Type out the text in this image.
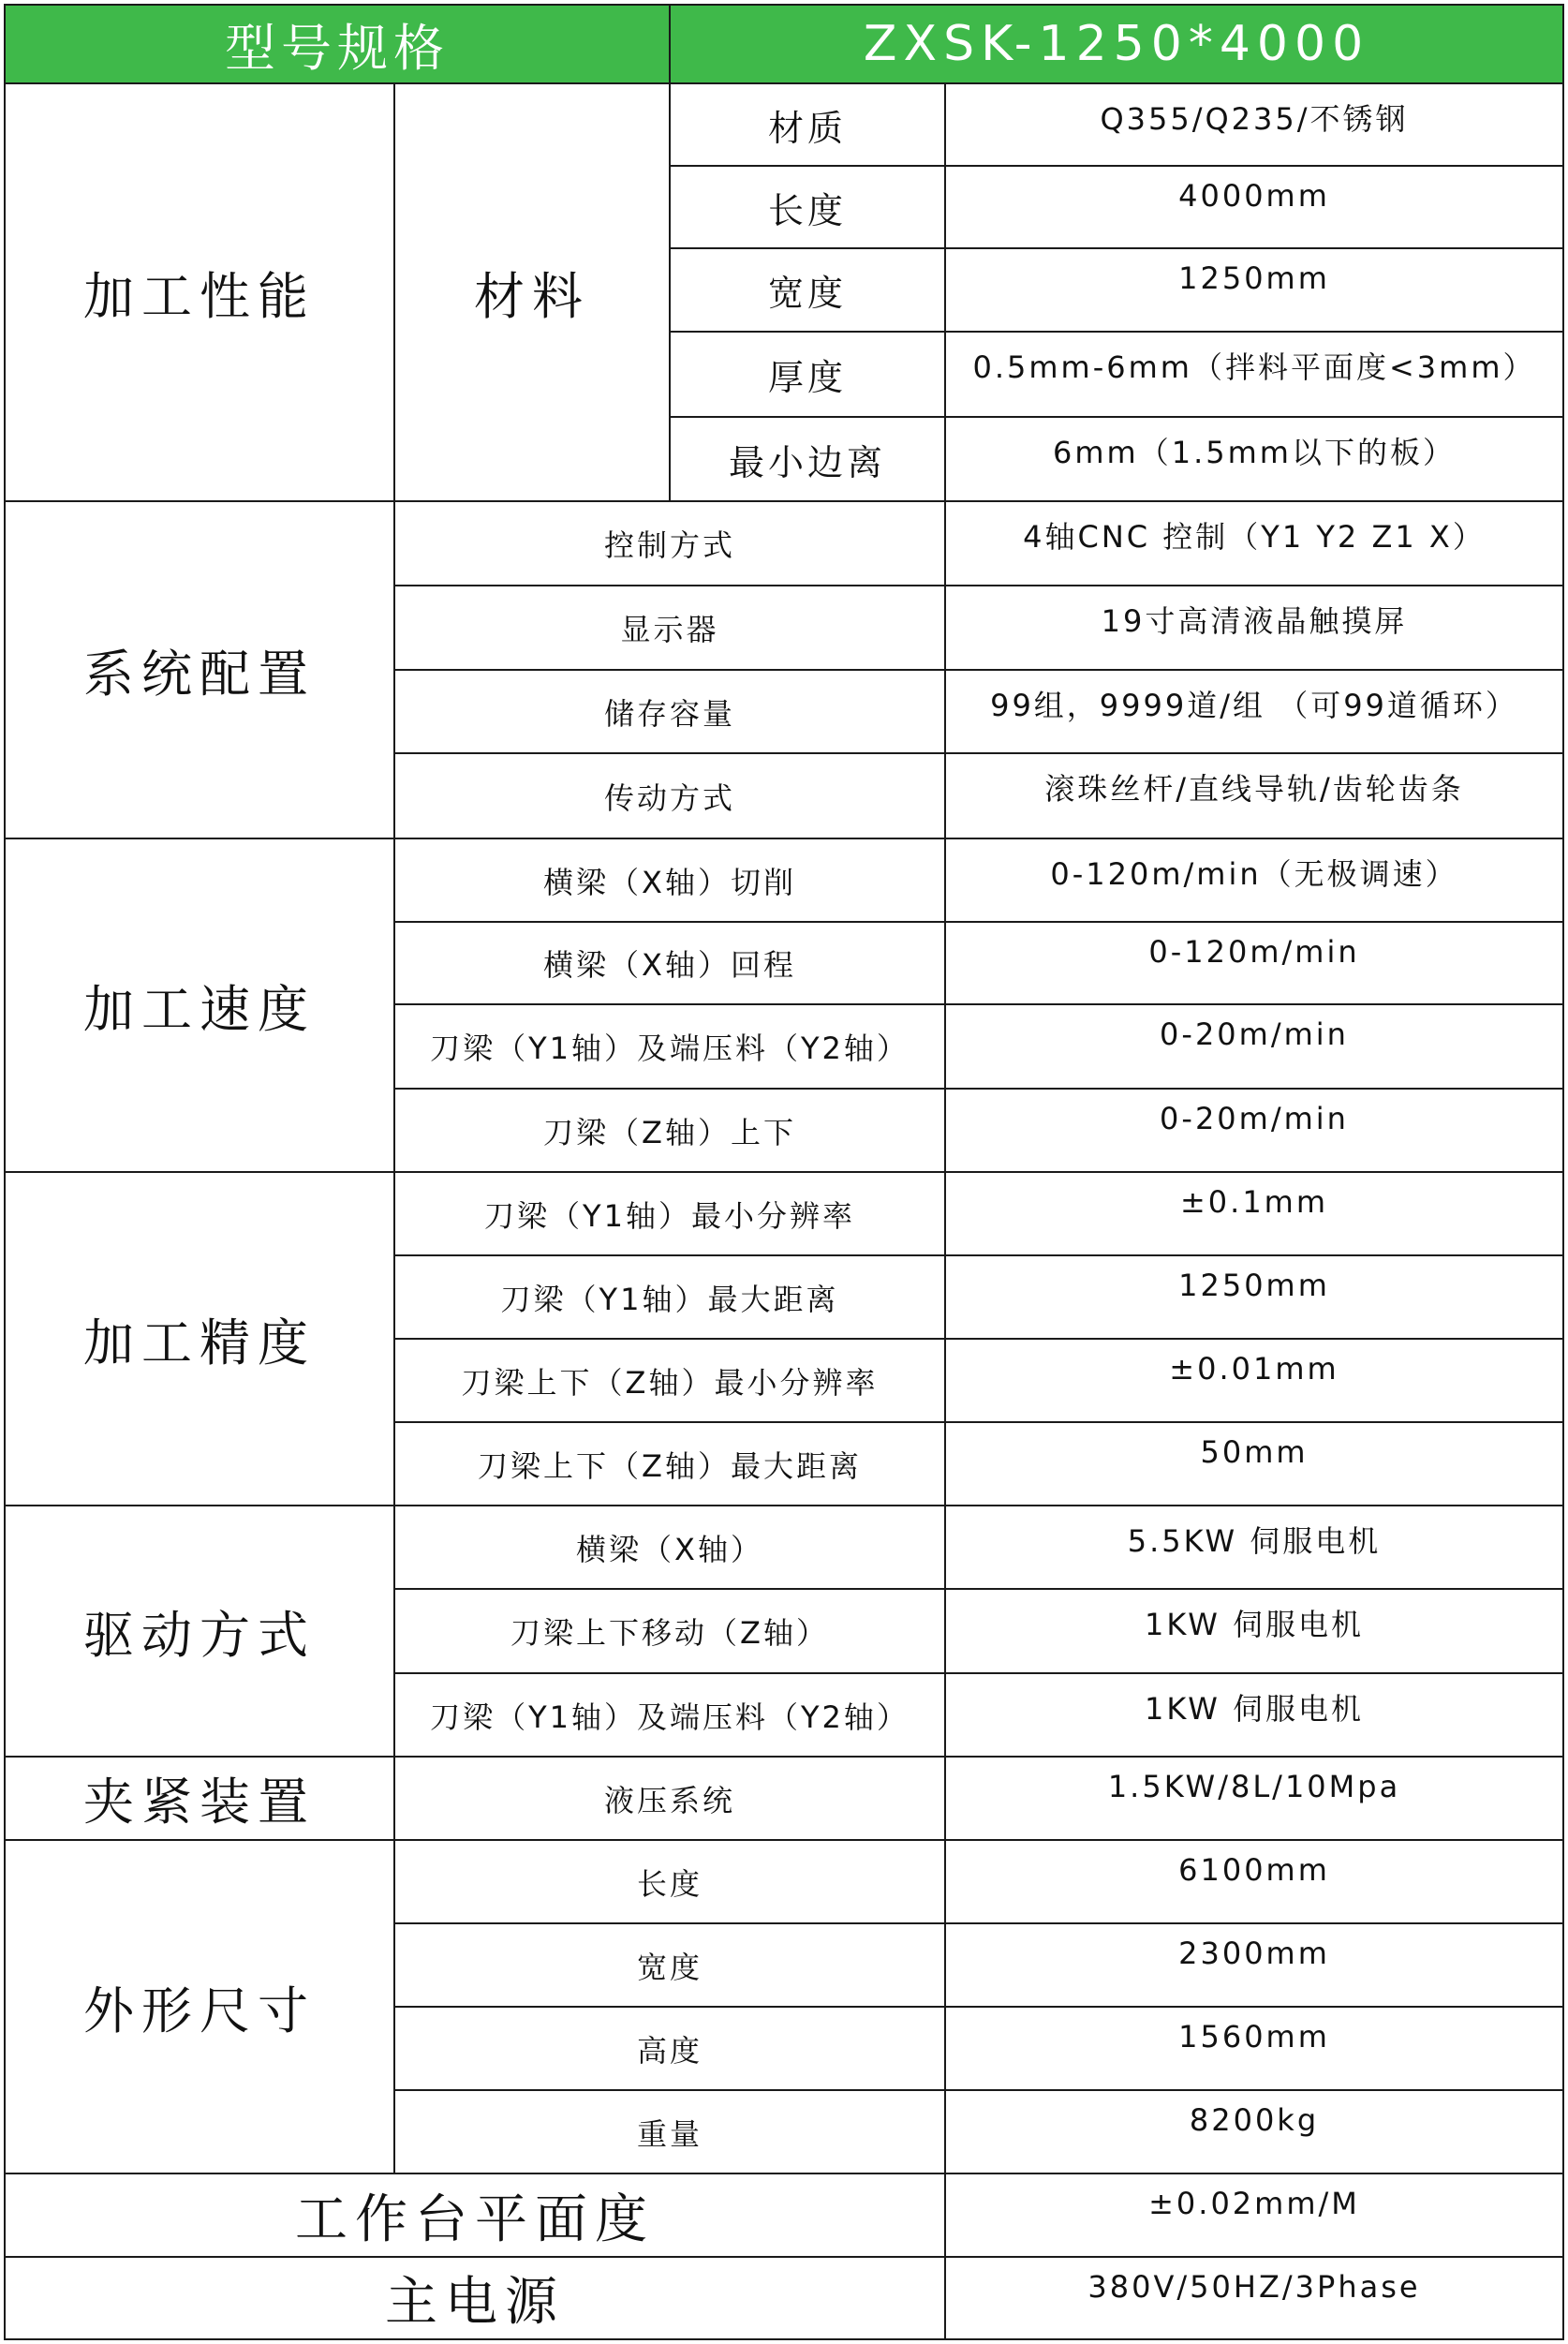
型号规格	ZXSK-1250*4000
加工性能	材料
材质	Q355/Q235/不锈钢
长度	4000mm
宽度	1250mm
厚度	0.5mm-6mm（拌料平面度<3mm）
最小边离	6mm（1.5mm以下的板）
系统配置
控制方式	4轴CNC 控制（Y1 Y2 Z1 X）
显示器	19寸高清液晶触摸屏
储存容量	99组，9999道/组 （可99道循环）
传动方式	滚珠丝杆/直线导轨/齿轮齿条
加工速度
横梁（X轴）切削	0-120m/min（无极调速）
横梁（X轴）回程	0-120m/min
刀梁（Y1轴）及端压料（Y2轴）	0-20m/min
刀梁（Z轴）上下	0-20m/min
加工精度
刀梁（Y1轴）最小分辨率	±0.1mm
刀梁（Y1轴）最大距离	1250mm
刀梁上下（Z轴）最小分辨率	±0.01mm
刀梁上下（Z轴）最大距离	50mm
驱动方式
横梁（X轴）	5.5KW 伺服电机
刀梁上下移动（Z轴）	1KW 伺服电机
刀梁（Y1轴）及端压料（Y2轴）	1KW 伺服电机
夹紧装置	液压系统	1.5KW/8L/10Mpa
外形尺寸
长度	6100mm
宽度	2300mm
高度	1560mm
重量	8200kg
工作台平面度	±0.02mm/M
主电源	380V/50HZ/3Phase
